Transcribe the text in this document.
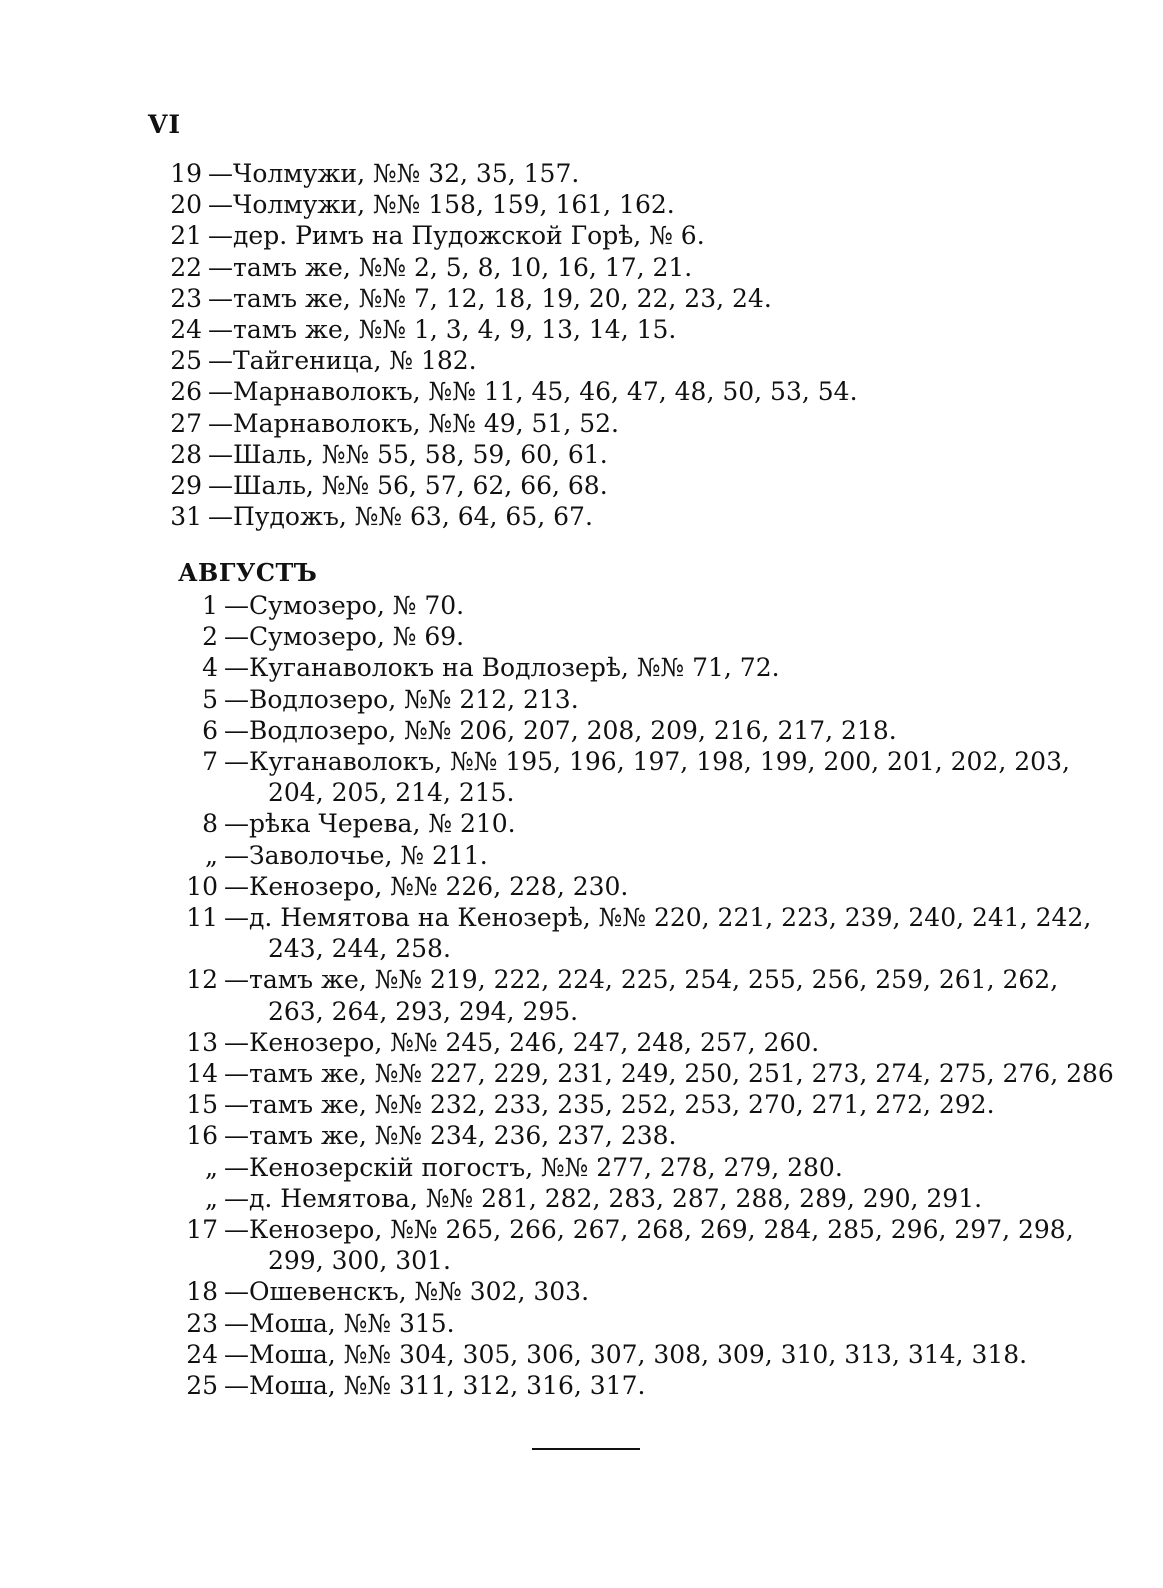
VI
19 —Чолмужи, №№ 32, 35, 157.
20 —Чолмужи, №№ 158, 159, 161, 162.
21 —дер. Римъ на Пудожской Горѣ, № 6.
22 —тамъ же, №№ 2, 5, 8, 10, 16, 17, 21.
23 —тамъ же, №№ 7, 12, 18, 19, 20, 22, 23, 24.
24 —тамъ же, №№ 1, 3, 4, 9, 13, 14, 15.
25 —Тайгеница, № 182.
26 —Марнаволокъ, №№ 11, 45, 46, 47, 48, 50, 53, 54.
27 —Марнаволокъ, №№ 49, 51, 52.
28 —Шаль, №№ 55, 58, 59, 60, 61.
29 —Шаль, №№ 56, 57, 62, 66, 68.
31 —Пудожъ, №№ 63, 64, 65, 67.
АВГУСТЪ
1 —Сумозеро, № 70.
2 —Сумозеро, № 69.
4 —Куганаволокъ на Водлозерѣ, №№ 71, 72.
5 —Водлозеро, №№ 212, 213.
6 —Водлозеро, №№ 206, 207, 208, 209, 216, 217, 218.
7 —Куганаволокъ, №№ 195, 196, 197, 198, 199, 200, 201, 202, 203,
204, 205, 214, 215.
8 —рѣка Черева, № 210.
„ —Заволочье, № 211.
10 —Кенозеро, №№ 226, 228, 230.
11 —д. Немятова на Кенозерѣ, №№ 220, 221, 223, 239, 240, 241, 242,
243, 244, 258.
12 —тамъ же, №№ 219, 222, 224, 225, 254, 255, 256, 259, 261, 262,
263, 264, 293, 294, 295.
13 —Кенозеро, №№ 245, 246, 247, 248, 257, 260.
14 —тамъ же, №№ 227, 229, 231, 249, 250, 251, 273, 274, 275, 276, 286
15 —тамъ же, №№ 232, 233, 235, 252, 253, 270, 271, 272, 292.
16 —тамъ же, №№ 234, 236, 237, 238.
„ —Кенозерскій погостъ, №№ 277, 278, 279, 280.
„ —д. Немятова, №№ 281, 282, 283, 287, 288, 289, 290, 291.
17 —Кенозеро, №№ 265, 266, 267, 268, 269, 284, 285, 296, 297, 298,
299, 300, 301.
18 —Ошевенскъ, №№ 302, 303.
23 —Моша, №№ 315.
24 —Моша, №№ 304, 305, 306, 307, 308, 309, 310, 313, 314, 318.
25 —Моша, №№ 311, 312, 316, 317.
